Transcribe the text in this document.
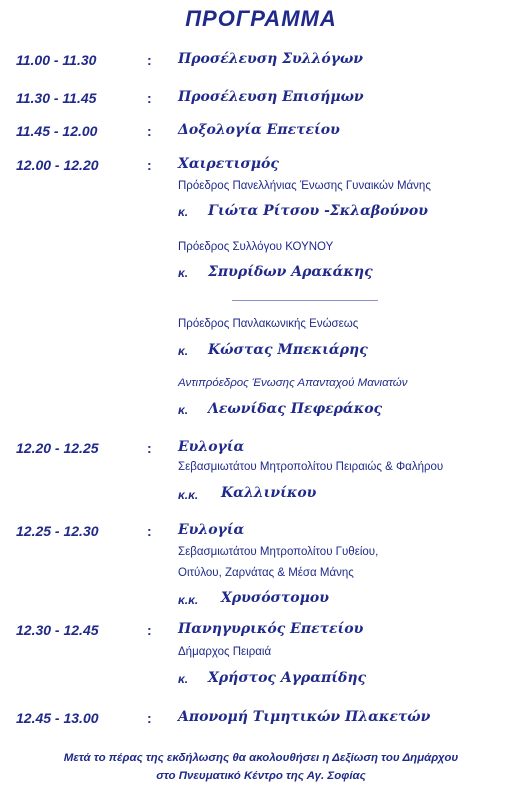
ΠΡΟΓΡΑΜΜΑ
11.00 - 11.30	: Προσέλευση Συλλόγων
11.30 - 11.45	: Προσέλευση Επισήμων
11.45 - 12.00	: Δοξολογία Επετείου
12.00 - 12.20	: Χαιρετισμός
Πρόεδρος Πανελλήνιας Ένωσης Γυναικών Μάνης
κ. Γιώτα Ρίτσου -Σκλαβούνου
Πρόεδρος Συλλόγου ΚΟΥΝΟΥ
κ. Σπυρίδων Αρακάκης
Πρόεδρος Πανλακωνικής Ενώσεως
κ. Κώστας Μπεκιάρης
Αντιπρόεδρος Ένωσης Απανταχού Μανιατών
κ. Λεωνίδας Πεφεράκος
12.20 - 12.25	: Ευλογία
Σεβασμιωτάτου Μητροπολίτου Πειραιώς & Φαλήρου
κ.κ. Καλλινίκου
12.25 - 12.30	: Ευλογία
Σεβασμιωτάτου Μητροπολίτου Γυθείου,
Οιτύλου, Ζαρνάτας & Μέσα Μάνης
κ.κ. Χρυσόστομου
12.30 - 12.45	: Πανηγυρικός Επετείου
Δήμαρχος Πειραιά
κ. Χρήστος Αγραπίδης
12.45 - 13.00	: Απονομή Τιμητικών Πλακετών
Μετά το πέρας της εκδήλωσης θα ακολουθήσει η Δεξίωση του Δημάρχου
στο Πνευματικό Κέντρο της Αγ. Σοφίας
